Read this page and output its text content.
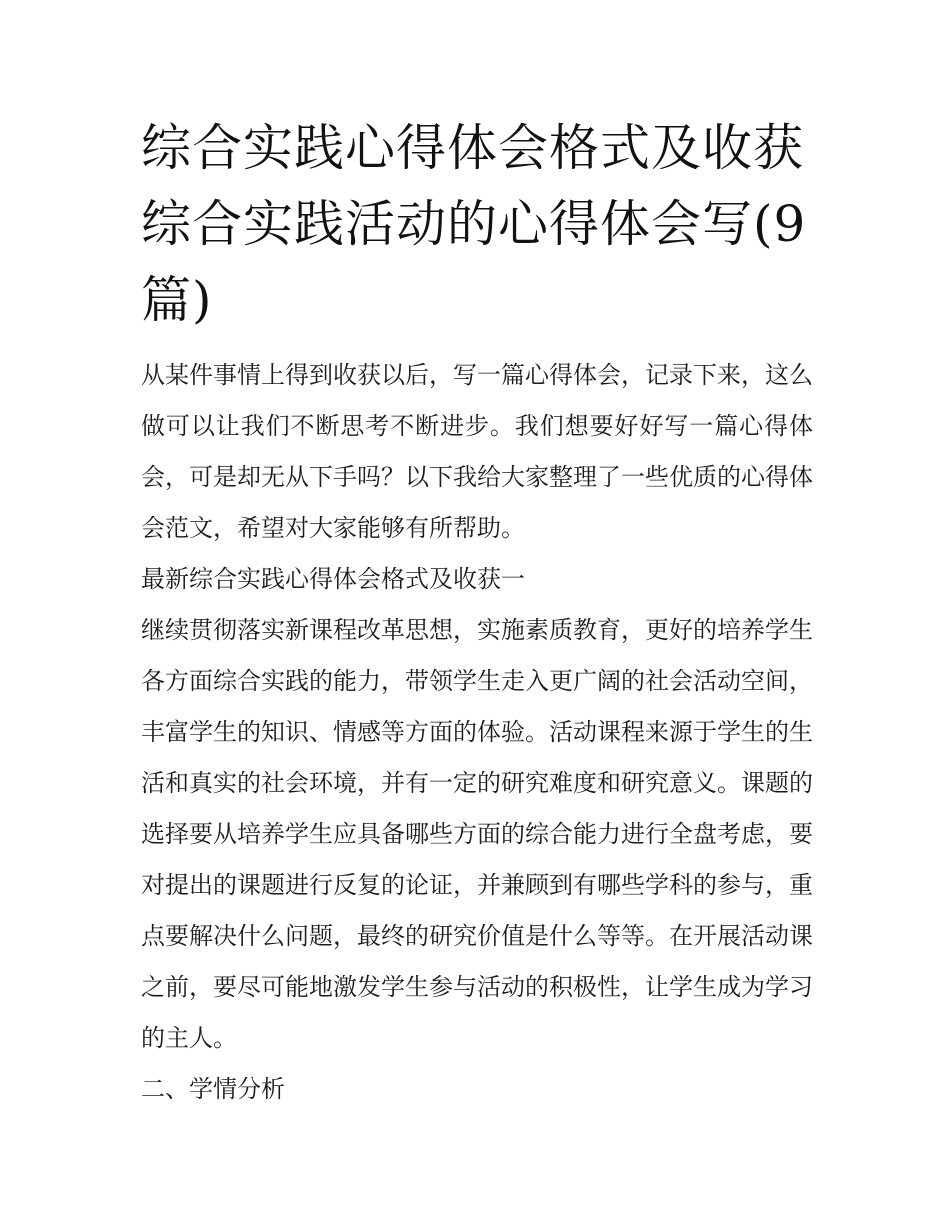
综合实践心得体会格式及收获综合实践活动的心得体会写(9篇)

从某件事情上得到收获以后，写一篇心得体会，记录下来，这么做可以让我们不断思考不断进步。我们想要好好写一篇心得体会，可是却无从下手吗？以下我给大家整理了一些优质的心得体会范文，希望对大家能够有所帮助。

最新综合实践心得体会格式及收获一

继续贯彻落实新课程改革思想，实施素质教育，更好的培养学生各方面综合实践的能力，带领学生走入更广阔的社会活动空间，丰富学生的知识、情感等方面的体验。活动课程来源于学生的生活和真实的社会环境，并有一定的研究难度和研究意义。课题的选择要从培养学生应具备哪些方面的综合能力进行全盘考虑，要对提出的课题进行反复的论证，并兼顾到有哪些学科的参与，重点要解决什么问题，最终的研究价值是什么等等。在开展活动课之前，要尽可能地激发学生参与活动的积极性，让学生成为学习的主人。

二、学情分析
